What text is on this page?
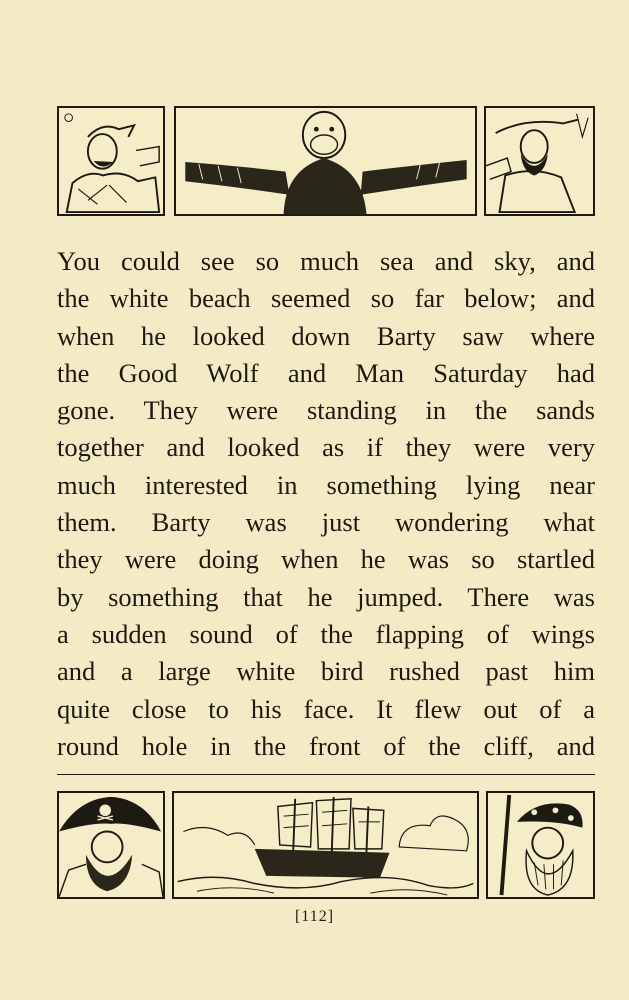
You could see so much sea and sky, and
the white beach seemed so far below; and
when he looked down Barty saw where
the Good Wolf and Man Saturday had
gone. They were standing in the sands
together and looked as if they were very
much interested in something lying near
them. Barty was just wondering what
they were doing when he was so startled
by something that he jumped. There was
a sudden sound of the flapping of wings
and a large white bird rushed past him
quite close to his face. It flew out of a
round hole in the front of the cliff, and
[112]
